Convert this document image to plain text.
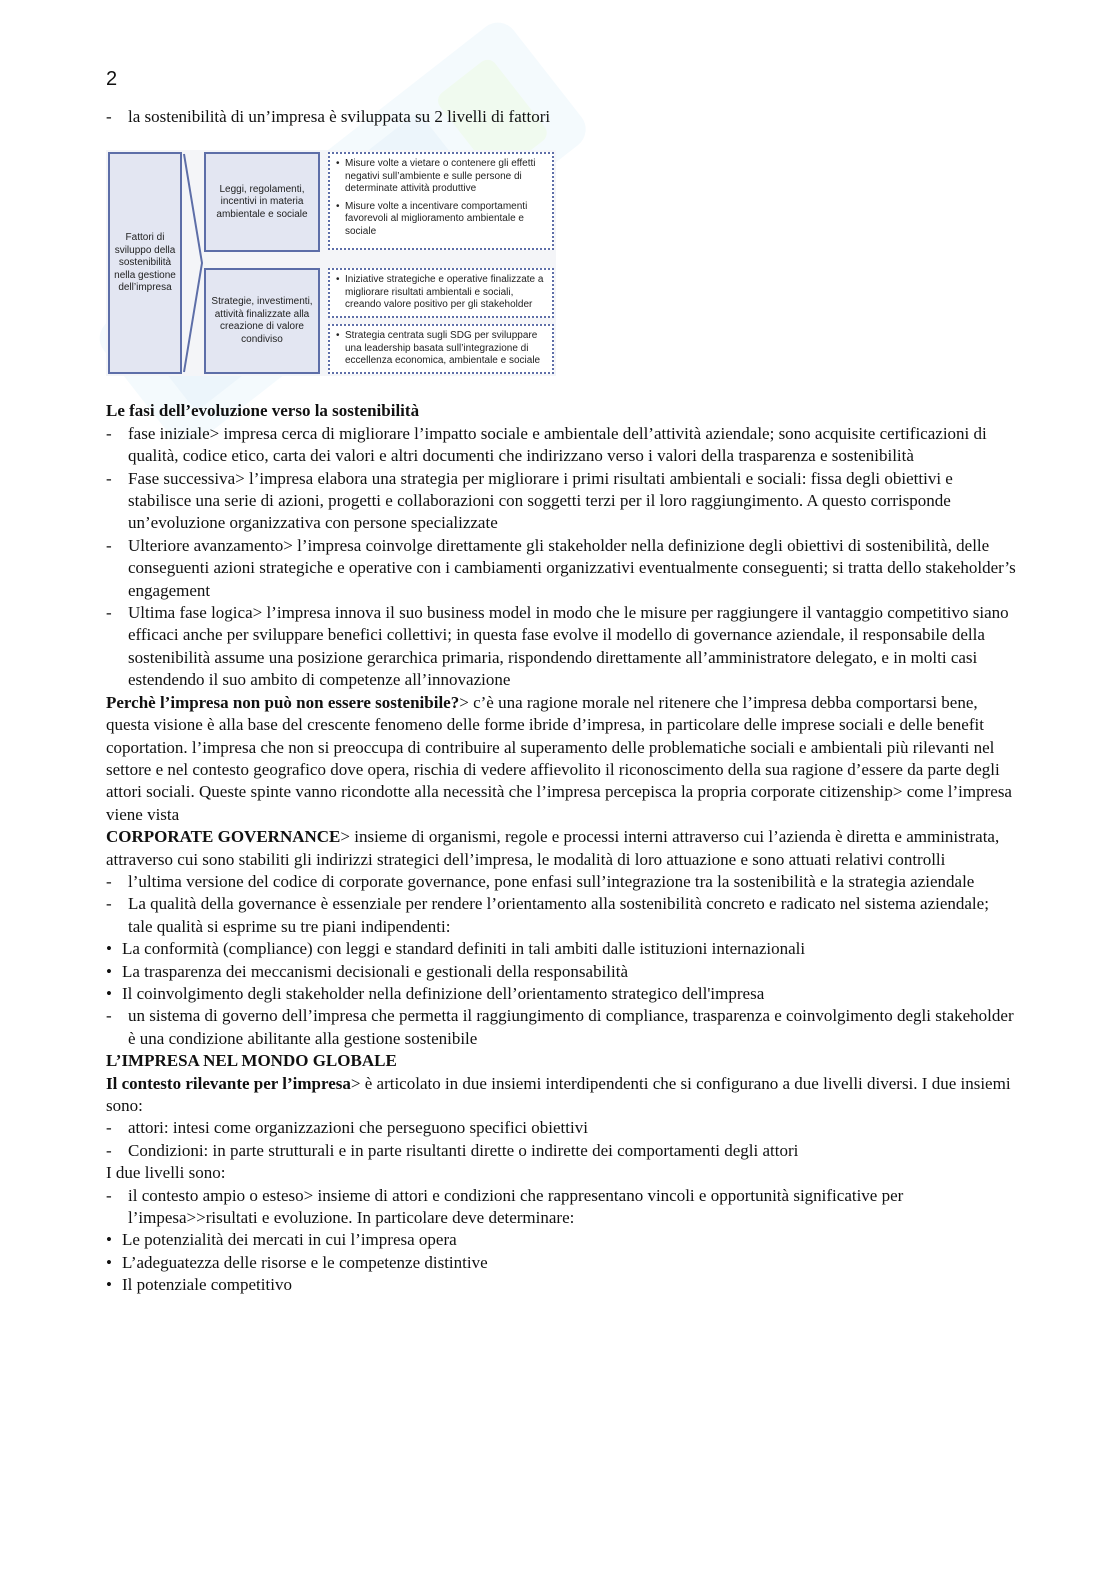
2
- la sostenibilità di un’impresa è sviluppata su 2 livelli di fattori
Fattori di sviluppo della sostenibilità nella gestione dell’impresa
Leggi, regolamenti, incentivi in materia ambientale e sociale
Strategie, investimenti, attività finalizzate alla creazione di valore condiviso
• Misure volte a vietare o contenere gli effetti negativi sull’ambiente e sulle persone di determinate attività produttive
• Misure volte a incentivare comportamenti favorevoli al miglioramento ambientale e sociale
• Iniziative strategiche e operative finalizzate a migliorare risultati ambientali e sociali, creando valore positivo per gli stakeholder
• Strategia centrata sugli SDG per sviluppare una leadership basata sull’integrazione di eccellenza economica, ambientale e sociale
Le fasi dell’evoluzione verso la sostenibilità
- fase iniziale> impresa cerca di migliorare l’impatto sociale e ambientale dell’attività aziendale; sono acquisite certificazioni di qualità, codice etico, carta dei valori e altri documenti che indirizzano verso i valori della trasparenza e sostenibilità
- Fase successiva> l’impresa elabora una strategia per migliorare i primi risultati ambientali e sociali: fissa degli obiettivi e stabilisce una serie di azioni, progetti e collaborazioni con soggetti terzi per il loro raggiungimento. A questo corrisponde un’evoluzione organizzativa con persone specializzate
- Ulteriore avanzamento> l’impresa coinvolge direttamente gli stakeholder nella definizione degli obiettivi di sostenibilità, delle conseguenti azioni strategiche e operative con i cambiamenti organizzativi eventualmente conseguenti; si tratta dello stakeholder’s engagement
- Ultima fase logica> l’impresa innova il suo business model in modo che le misure per raggiungere il vantaggio competitivo siano efficaci anche per sviluppare benefici collettivi; in questa fase evolve il modello di governance aziendale, il responsabile della sostenibilità assume una posizione gerarchica primaria, rispondendo direttamente all’amministratore delegato, e in molti casi estendendo il suo ambito di competenze all’innovazione
Perchè l’impresa non può non essere sostenibile?> c’è una ragione morale nel ritenere che l’impresa debba comportarsi bene, questa visione è alla base del crescente fenomeno delle forme ibride d’impresa, in particolare delle imprese sociali e delle benefit coportation. l’impresa che non si preoccupa di contribuire al superamento delle problematiche sociali e ambientali più rilevanti nel settore e nel contesto geografico dove opera, rischia di vedere affievolito il riconoscimento della sua ragione d’essere da parte degli attori sociali. Queste spinte vanno ricondotte alla necessità che l’impresa percepisca la propria corporate citizenship> come l’impresa viene vista
CORPORATE GOVERNANCE> insieme di organismi, regole e processi interni attraverso cui l’azienda è diretta e amministrata, attraverso cui sono stabiliti gli indirizzi strategici dell’impresa, le modalità di loro attuazione e sono attuati relativi controlli
- l’ultima versione del codice di corporate governance, pone enfasi sull’integrazione tra la sostenibilità e la strategia aziendale
- La qualità della governance è essenziale per rendere l’orientamento alla sostenibilità concreto e radicato nel sistema aziendale; tale qualità si esprime su tre piani indipendenti:
• La conformità (compliance) con leggi e standard definiti in tali ambiti dalle istituzioni internazionali
• La trasparenza dei meccanismi decisionali e gestionali della responsabilità
• Il coinvolgimento degli stakeholder nella definizione dell’orientamento strategico dell'impresa
- un sistema di governo dell’impresa che permetta il raggiungimento di compliance, trasparenza e coinvolgimento degli stakeholder è una condizione abilitante alla gestione sostenibile
L’IMPRESA NEL MONDO GLOBALE
Il contesto rilevante per l’impresa> è articolato in due insiemi interdipendenti che si configurano a due livelli diversi. I due insiemi sono:
- attori: intesi come organizzazioni che perseguono specifici obiettivi
- Condizioni: in parte strutturali e in parte risultanti dirette o indirette dei comportamenti degli attori
I due livelli sono:
- il contesto ampio o esteso> insieme di attori e condizioni che rappresentano vincoli e opportunità significative per l’impesa>>risultati e evoluzione. In particolare deve determinare:
• Le potenzialità dei mercati in cui l’impresa opera
• L’adeguatezza delle risorse e le competenze distintive
• Il potenziale competitivo
